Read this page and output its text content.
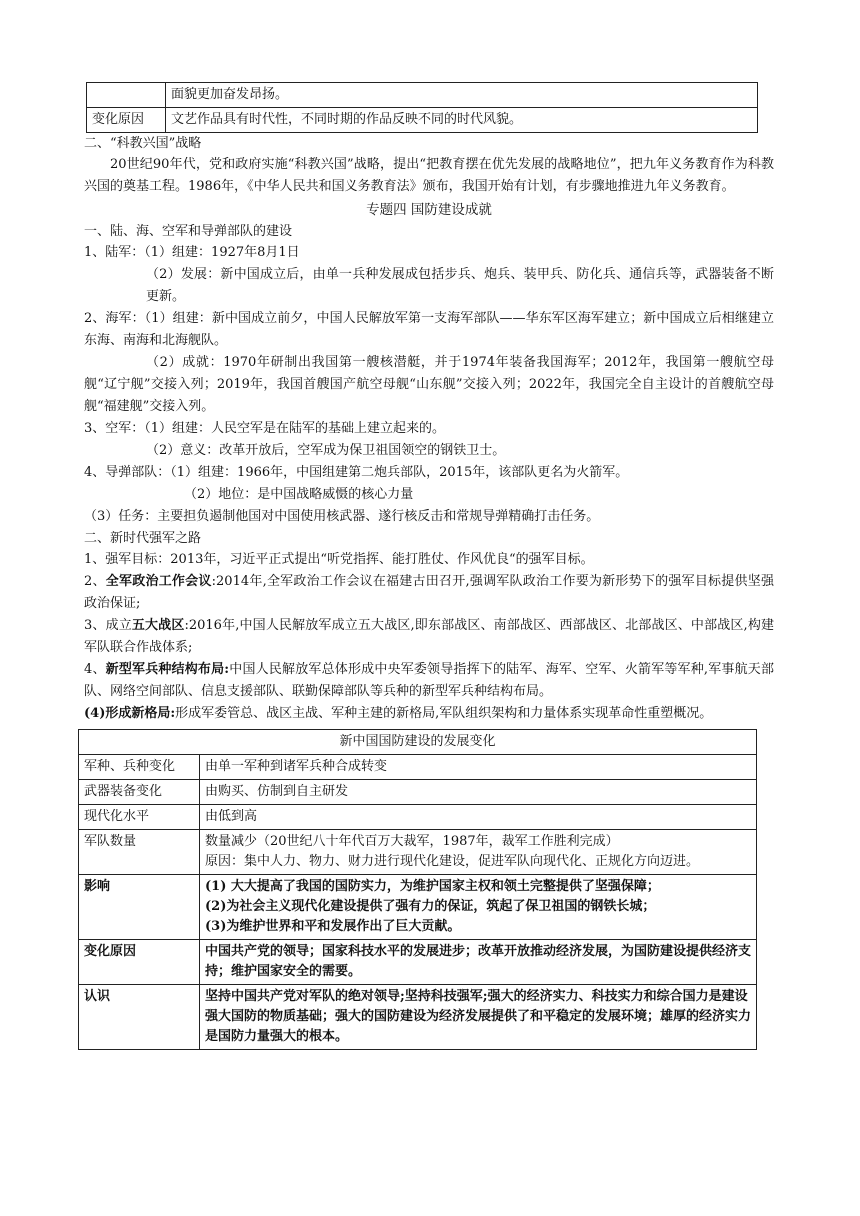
	面貌更加奋发昂扬。
变化原因	文艺作品具有时代性，不同时期的作品反映不同的时代风貌。
二、“科教兴国”战略
20世纪90年代，党和政府实施“科教兴国”战略，提出“把教育摆在优先发展的战略地位”，把九年义务教育作为科教兴国的奠基工程。1986年，《中华人民共和国义务教育法》颁布，我国开始有计划，有步骤地推进九年义务教育。
专题四 国防建设成就
一、陆、海、空军和导弹部队的建设
1、陆军：（1）组建：1927年8月1日
（2）发展：新中国成立后，由单一兵种发展成包括步兵、炮兵、装甲兵、防化兵、通信兵等，武器装备不断更新。
2、海军：（1）组建：新中国成立前夕，中国人民解放军第一支海军部队——华东军区海军建立；新中国成立后相继建立东海、南海和北海舰队。
（2）成就：1970年研制出我国第一艘核潜艇，并于1974年装备我国海军；2012年，我国第一艘航空母舰“辽宁舰”交接入列；2019年，我国首艘国产航空母舰“山东舰”交接入列；2022年，我国完全自主设计的首艘航空母舰“福建舰”交接入列。
3、空军：（1）组建：人民空军是在陆军的基础上建立起来的。
（2）意义：改革开放后，空军成为保卫祖国领空的钢铁卫士。
4、导弹部队：（1）组建：1966年，中国组建第二炮兵部队，2015年，该部队更名为火箭军。
（2）地位：是中国战略威慑的核心力量
（3）任务：主要担负遏制他国对中国使用核武器、遂行核反击和常规导弹精确打击任务。
二、新时代强军之路
1、强军目标：2013年，习近平正式提出“听党指挥、能打胜仗、作风优良“的强军目标。
2、全军政治工作会议:2014年,全军政治工作会议在福建古田召开,强调军队政治工作要为新形势下的强军目标提供坚强政治保证;
3、成立五大战区:2016年,中国人民解放军成立五大战区,即东部战区、南部战区、西部战区、北部战区、中部战区,构建军队联合作战体系;
4、新型军兵种结构布局:中国人民解放军总体形成中央军委领导指挥下的陆军、海军、空军、火箭军等军种,军事航天部队、网络空间部队、信息支援部队、联勤保障部队等兵种的新型军兵种结构布局。
(4)形成新格局:形成军委管总、战区主战、军种主建的新格局,军队组织架构和力量体系实现革命性重塑概况。
新中国国防建设的发展变化	
军种、兵种变化	由单一军种到诸军兵种合成转变

武器装备变化	由购买、仿制到自主研发

现代化水平	由低到高

军队数量	数量减少（20世纪八十年代百万大裁军，1987年，裁军工作胜利完成）
原因：集中人力、物力、财力进行现代化建设，促进军队向现代化、正规化方向迈进。

影响	(1) 大大提高了我国的国防实力，为维护国家主权和领土完整提供了坚强保障；
(2)为社会主义现代化建设提供了强有力的保证，筑起了保卫祖国的钢铁长城；
(3)为维护世界和平和发展作出了巨大贡献。

变化原因	中国共产党的领导；国家科技水平的发展进步；改革开放推动经济发展，为国防建设提供经济支持；维护国家安全的需要。

认识	坚持中国共产党对军队的绝对领导;坚持科技强军;强大的经济实力、科技实力和综合国力是建设强大国防的物质基础；强大的国防建设为经济发展提供了和平稳定的发展环境；雄厚的经济实力是国防力量强大的根本。
